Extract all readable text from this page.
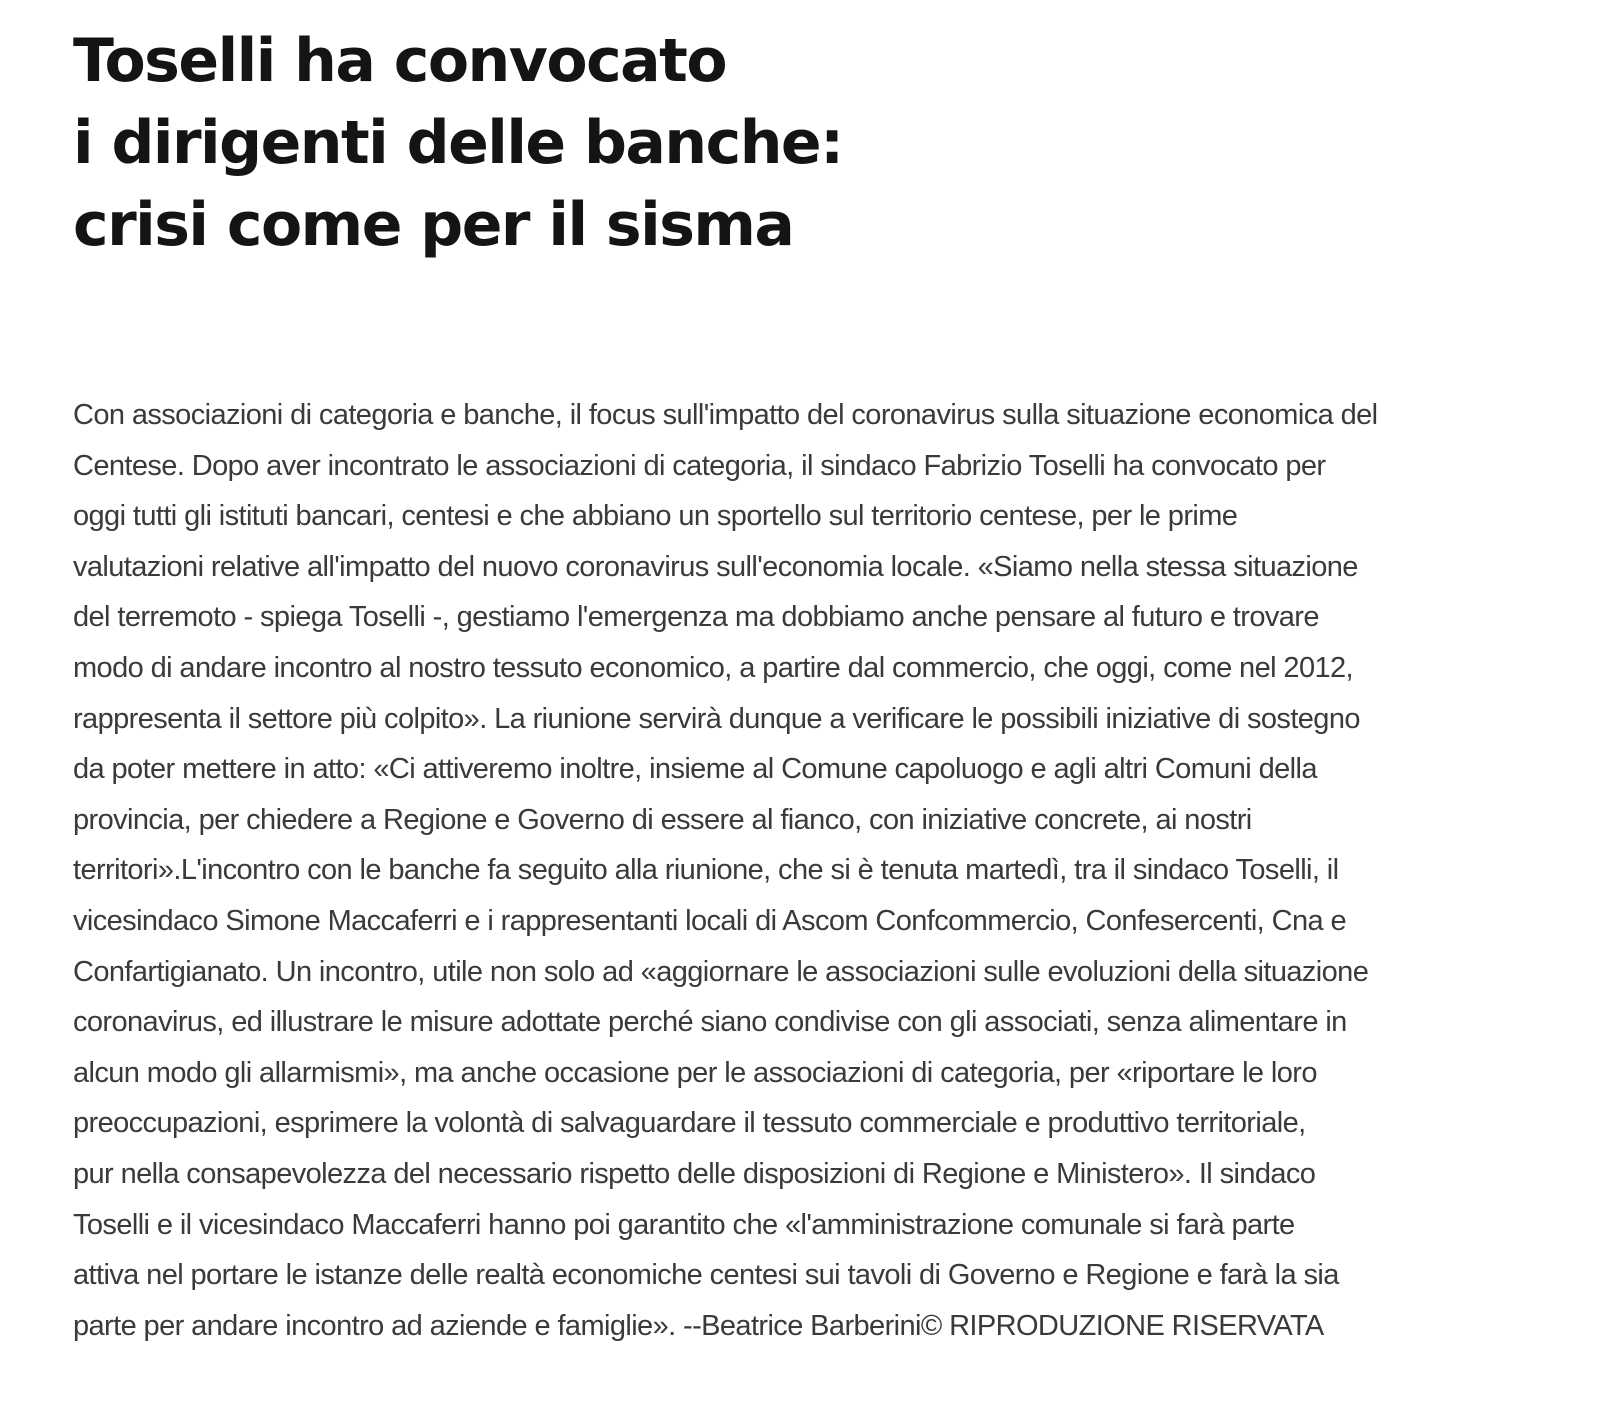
Toselli ha convocato
i dirigenti delle banche:
crisi come per il sisma

Con associazioni di categoria e banche, il focus sull'impatto del coronavirus sulla situazione economica del
Centese. Dopo aver incontrato le associazioni di categoria, il sindaco Fabrizio Toselli ha convocato per
oggi tutti gli istituti bancari, centesi e che abbiano un sportello sul territorio centese, per le prime
valutazioni relative all'impatto del nuovo coronavirus sull'economia locale. «Siamo nella stessa situazione
del terremoto - spiega Toselli -, gestiamo l'emergenza ma dobbiamo anche pensare al futuro e trovare
modo di andare incontro al nostro tessuto economico, a partire dal commercio, che oggi, come nel 2012,
rappresenta il settore più colpito». La riunione servirà dunque a verificare le possibili iniziative di sostegno
da poter mettere in atto: «Ci attiveremo inoltre, insieme al Comune capoluogo e agli altri Comuni della
provincia, per chiedere a Regione e Governo di essere al fianco, con iniziative concrete, ai nostri
territori».L'incontro con le banche fa seguito alla riunione, che si è tenuta martedì, tra il sindaco Toselli, il
vicesindaco Simone Maccaferri e i rappresentanti locali di Ascom Confcommercio, Confesercenti, Cna e
Confartigianato. Un incontro, utile non solo ad «aggiornare le associazioni sulle evoluzioni della situazione
coronavirus, ed illustrare le misure adottate perché siano condivise con gli associati, senza alimentare in
alcun modo gli allarmismi», ma anche occasione per le associazioni di categoria, per «riportare le loro
preoccupazioni, esprimere la volontà di salvaguardare il tessuto commerciale e produttivo territoriale,
pur nella consapevolezza del necessario rispetto delle disposizioni di Regione e Ministero». Il sindaco
Toselli e il vicesindaco Maccaferri hanno poi garantito che «l'amministrazione comunale si farà parte
attiva nel portare le istanze delle realtà economiche centesi sui tavoli di Governo e Regione e farà la sia
parte per andare incontro ad aziende e famiglie». --Beatrice Barberini© RIPRODUZIONE RISERVATA
